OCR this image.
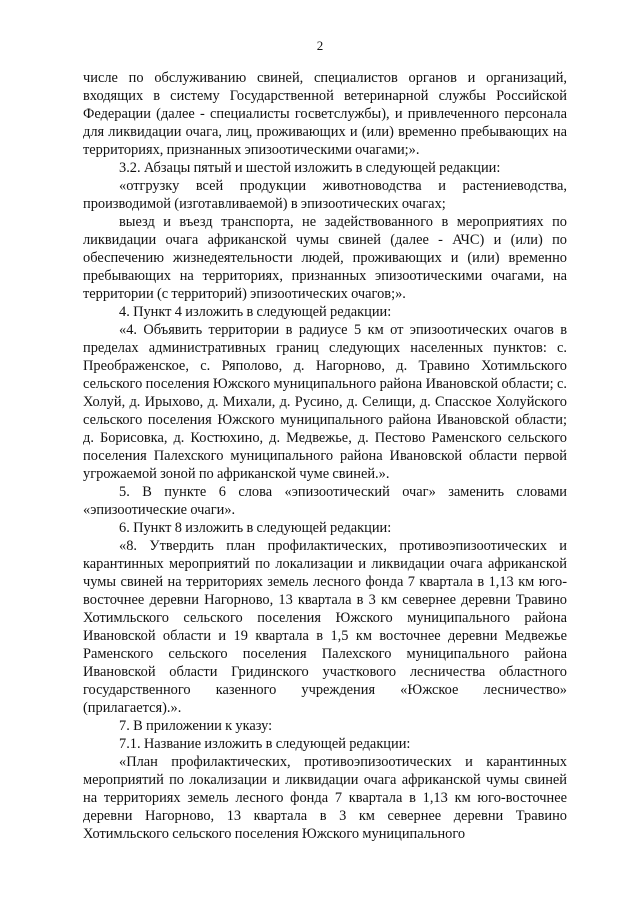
2

числе по обслуживанию свиней, специалистов органов и организаций, входящих в систему Государственной ветеринарной службы Российской Федерации (далее - специалисты госветслужбы), и привлеченного персонала для ликвидации очага, лиц, проживающих и (или) временно пребывающих на территориях, признанных эпизоотическими очагами;».

3.2. Абзацы пятый и шестой изложить в следующей редакции:

«отгрузку всей продукции животноводства и растениеводства, производимой (изготавливаемой) в эпизоотических очагах;

выезд и въезд транспорта, не задействованного в мероприятиях по ликвидации очага африканской чумы свиней (далее - АЧС) и (или) по обеспечению жизнедеятельности людей, проживающих и (или) временно пребывающих на территориях, признанных эпизоотическими очагами, на территории (с территорий) эпизоотических очагов;».

4. Пункт 4 изложить в следующей редакции:

«4. Объявить территории в радиусе 5 км от эпизоотических очагов в пределах административных границ следующих населенных пунктов: с. Преображенское, с. Ряполово, д. Нагорново, д. Травино Хотимльского сельского поселения Южского муниципального района Ивановской области; с. Холуй, д. Ирыхово, д. Михали, д. Русино, д. Селищи, д. Спасское Холуйского сельского поселения Южского муниципального района Ивановской области; д. Борисовка, д. Костюхино, д. Медвежье, д. Пестово Раменского сельского поселения Палехского муниципального района Ивановской области первой угрожаемой зоной по африканской чуме свиней.».

5. В пункте 6 слова «эпизоотический очаг» заменить словами «эпизоотические очаги».

6. Пункт 8 изложить в следующей редакции:

«8. Утвердить план профилактических, противоэпизоотических и карантинных мероприятий по локализации и ликвидации очага африканской чумы свиней на территориях земель лесного фонда 7 квартала в 1,13 км юго-восточнее деревни Нагорново, 13 квартала в 3 км севернее деревни Травино Хотимльского сельского поселения Южского муниципального района Ивановской области и 19 квартала в 1,5 км восточнее деревни Медвежье Раменского сельского поселения Палехского муниципального района Ивановской области Гридинского участкового лесничества областного государственного казенного учреждения «Южское лесничество» (прилагается).».

7. В приложении к указу:

7.1. Название изложить в следующей редакции:

«План профилактических, противоэпизоотических и карантинных мероприятий по локализации и ликвидации очага африканской чумы свиней на территориях земель лесного фонда 7 квартала в 1,13 км юго-восточнее деревни Нагорново, 13 квартала в 3 км севернее деревни Травино Хотимльского сельского поселения Южского муниципального
